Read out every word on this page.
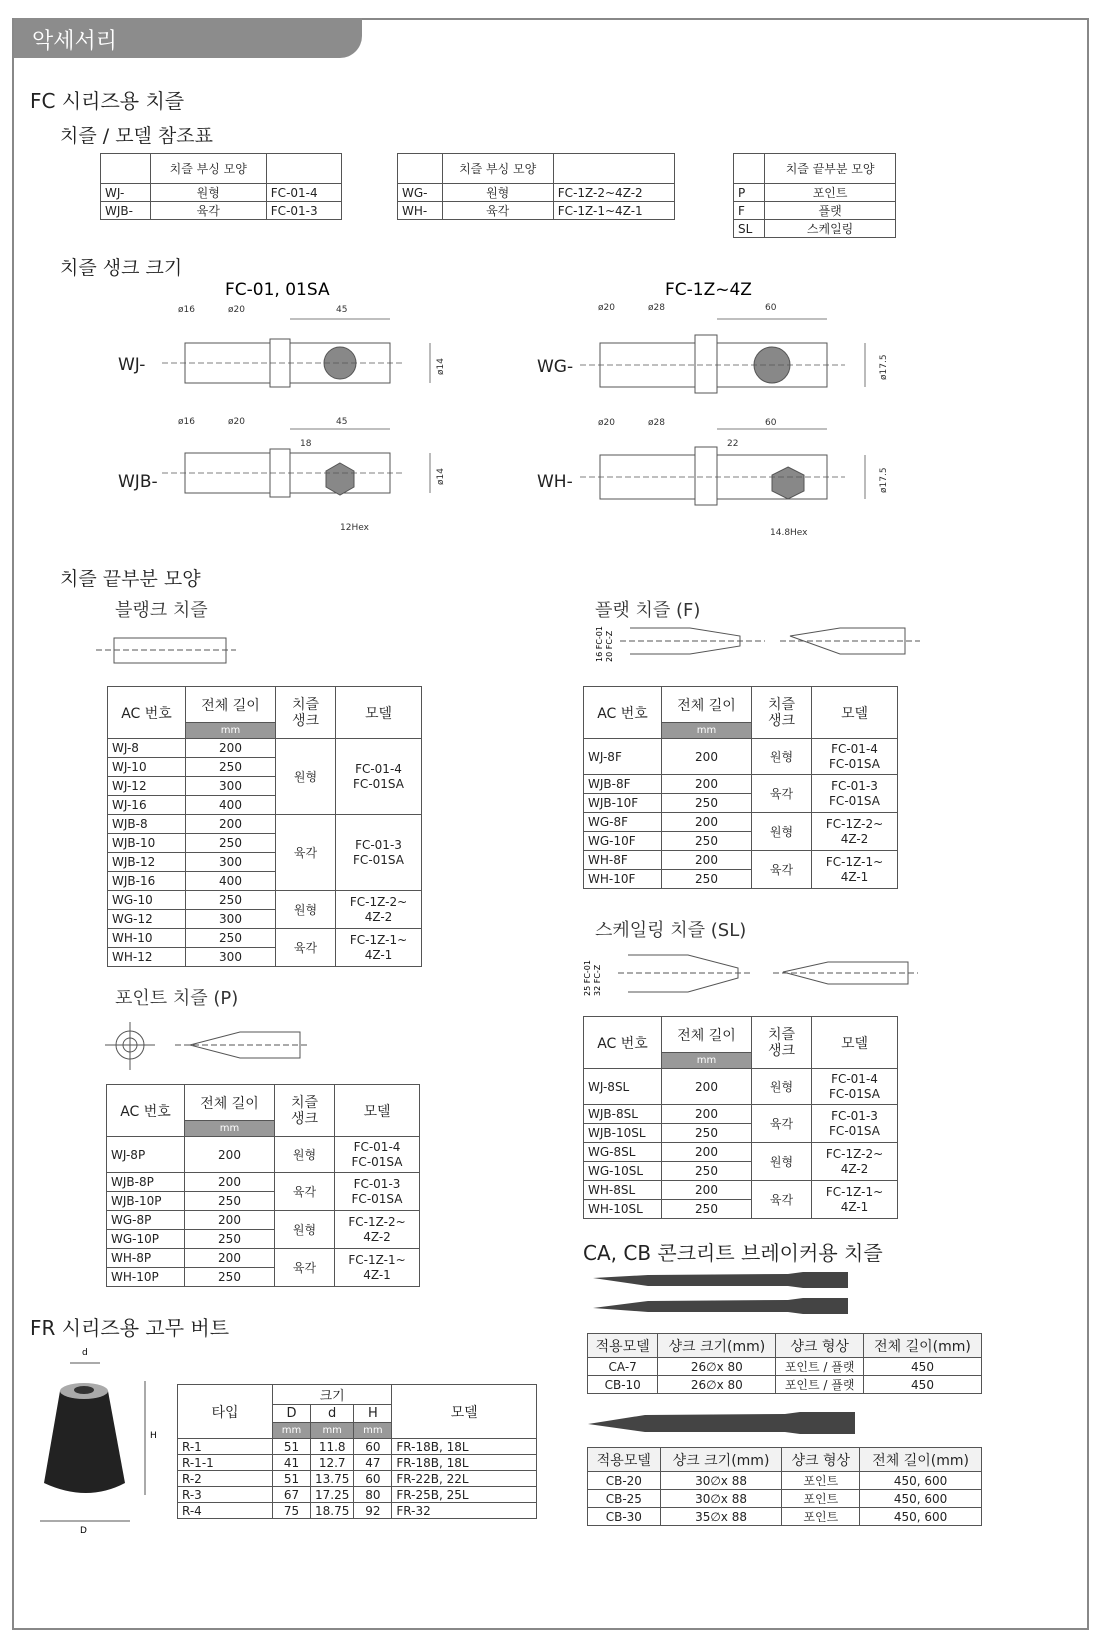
악세서리
FC 시리즈용 치즐
치즐 / 모델 참조표
	치즐 부싱 모양	
WJ-	원형	FC-01-4
WJB-	육각	FC-01-3
	치즐 부싱 모양	
WG-	원형	FC-1Z-2~4Z-2
WH-	육각	FC-1Z-1~4Z-1
	치즐 끝부분 모양
P	포인트
F	플랫
SL	스케일링
치즐 생크 크기
FC-01, 01SA	FC-1Z~4Z
ø16	ø20	45
ø16	ø20	45
18
12Hex
ø20	ø28	60
ø20	ø28	60
22
14.8Hex
ø14
ø14
ø17.5
ø17.5
WJ-
WJB-
WG-
WH-
치즐 끝부분 모양
블랭크 치즐	플랫 치즐 (F)
16 FC-01 20 FC-Z
AC 번호	전체 길이	치즐
생크	모델
	mm		
WJ-8	200	원형	FC-01-4
FC-01SA
WJ-10	250		
WJ-12	300		
WJ-16	400		
WJB-8	200	육각	FC-01-3
FC-01SA
WJB-10	250		
WJB-12	300		
WJB-16	400		
WG-10	250	원형	FC-1Z-2~
4Z-2
WG-12	300		
WH-10	250	육각	FC-1Z-1~
4Z-1
WH-12	300		
AC 번호	전체 길이	치즐
생크	모델
	mm		
WJ-8F	200	원형	FC-01-4
FC-01SA
WJB-8F	200	육각	FC-01-3
FC-01SA
WJB-10F	250		
WG-8F	200	원형	FC-1Z-2~
4Z-2
WG-10F	250		
WH-8F	200	육각	FC-1Z-1~
4Z-1
WH-10F	250		
스케일링 치즐 (SL)
25 FC-01 32 FC-Z
AC 번호	전체 길이	치즐
생크	모델
	mm		
WJ-8SL	200	원형	FC-01-4
FC-01SA
WJB-8SL	200	육각	FC-01-3
FC-01SA
WJB-10SL	250		
WG-8SL	200	원형	FC-1Z-2~
4Z-2
WG-10SL	250		
WH-8SL	200	육각	FC-1Z-1~
4Z-1
WH-10SL	250		
포인트 치즐 (P)
AC 번호	전체 길이	치즐
생크	모델
	mm		
WJ-8P	200	원형	FC-01-4
FC-01SA
WJB-8P	200	육각	FC-01-3
FC-01SA
WJB-10P	250		
WG-8P	200	원형	FC-1Z-2~
4Z-2
WG-10P	250		
WH-8P	200	육각	FC-1Z-1~
4Z-1
WH-10P	250		
CA, CB 콘크리트 브레이커용 치즐
적용모델	샹크 크기(mm)	샹크 형상	전체 길이(mm)
CA-7	26∅x 80	포인트 / 플랫	450
CB-10	26∅x 80	포인트 / 플랫	450
적용모델	샹크 크기(mm)	샹크 형상	전체 길이(mm)
CB-20	30∅x 88	포인트	450, 600
CB-25	30∅x 88	포인트	450, 600
CB-30	35∅x 88	포인트	450, 600
FR 시리즈용 고무 버트
d
H
D
타입	크기			모델
	D	d	H	
	mm	mm	mm	
R-1	51	11.8	60	FR-18B, 18L
R-1-1	41	12.7	47	FR-18B, 18L
R-2	51	13.75	60	FR-22B, 22L
R-3	67	17.25	80	FR-25B, 25L
R-4	75	18.75	92	FR-32
